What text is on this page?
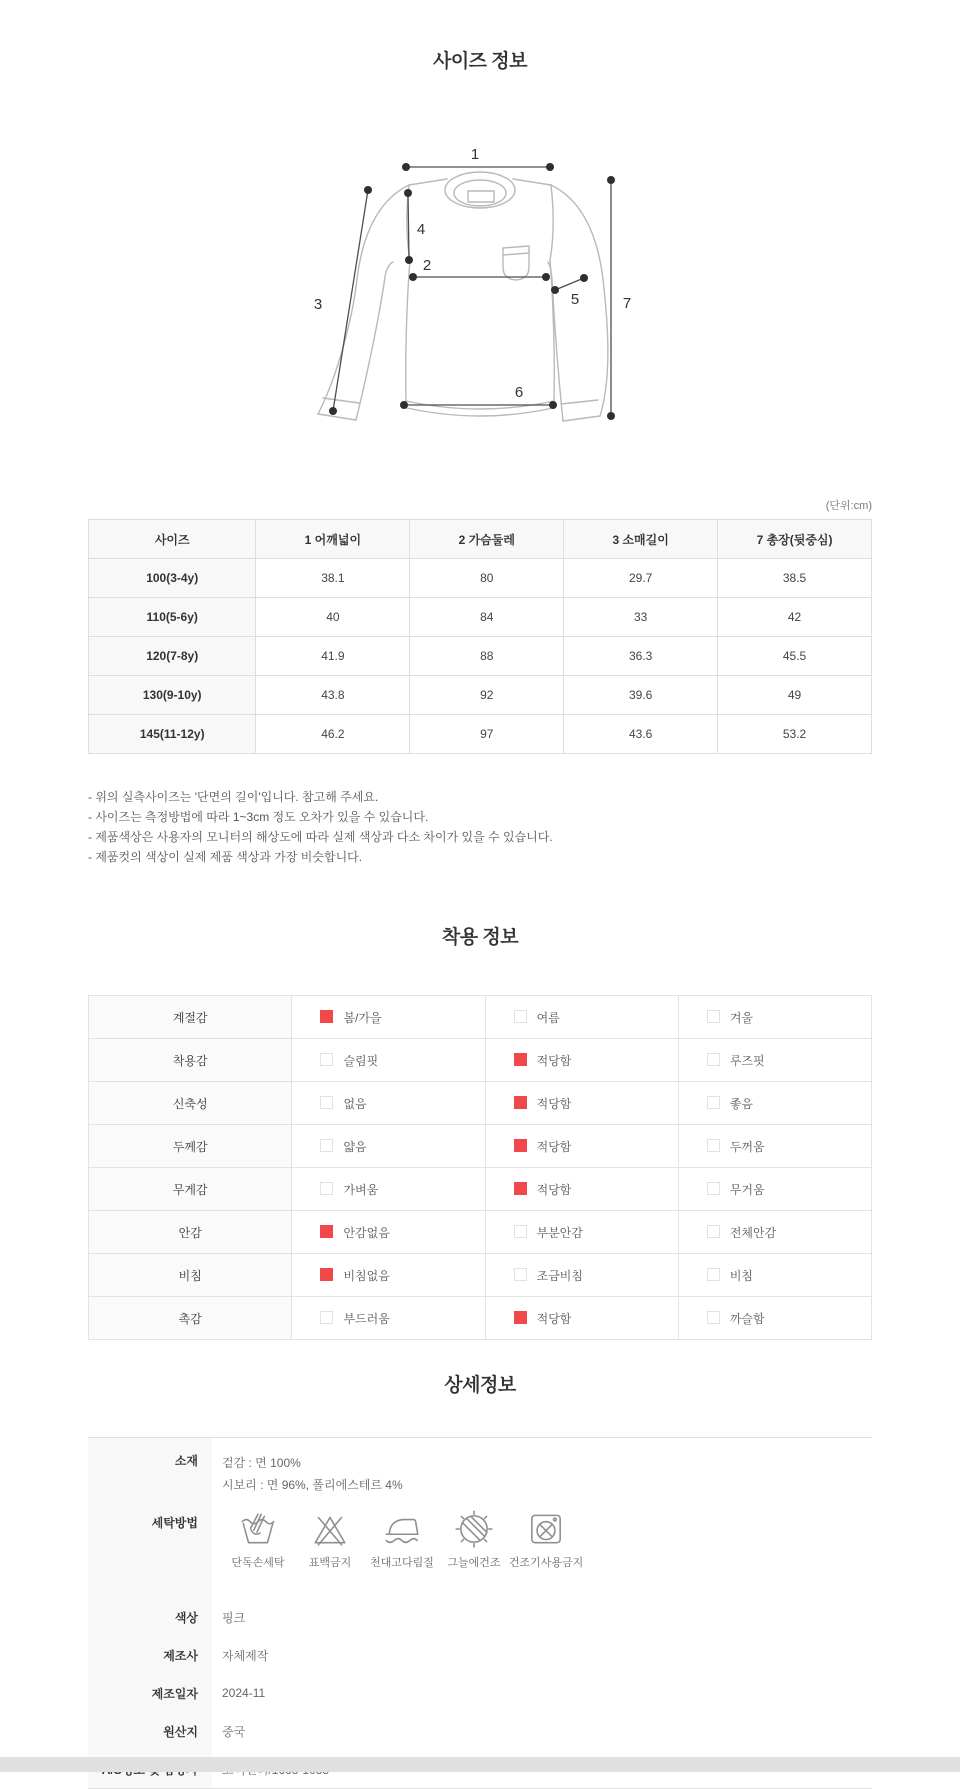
사이즈 정보
1
2
3
4
5
6
7
(단위:cm)
사이즈	1 어깨넓이	2 가슴둘레	3 소매길이	7 총장(뒷중심)
100(3-4y)	38.1	80	29.7	38.5
110(5-6y)	40	84	33	42
120(7-8y)	41.9	88	36.3	45.5
130(9-10y)	43.8	92	39.6	49
145(11-12y)	46.2	97	43.6	53.2
- 위의 실측사이즈는 '단면의 길이'입니다. 참고해 주세요.
- 사이즈는 측정방법에 따라 1~3cm 정도 오차가 있을 수 있습니다.
- 제품색상은 사용자의 모니터의 해상도에 따라 실제 색상과 다소 차이가 있을 수 있습니다.
- 제품컷의 색상이 실제 제품 색상과 가장 비슷합니다.
착용 정보
계절감	봄/가을	여름	겨울
착용감	슬림핏	적당함	루즈핏
신축성	없음	적당함	좋음
두께감	얇음	적당함	두꺼움
무게감	가벼움	적당함	무거움
안감	안감없음	부분안감	전체안감
비침	비침없음	조금비침	비침
촉감	부드러움	적당함	까슬함
상세정보
소재	겉감 : 면 100%
시보리 : 면 96%, 폴리에스테르 4%
세탁방법
단독손세탁 표백금지 천대고다림질 그늘에건조 건조기사용금지
색상	핑크
제조사	자체제작
제조일자	2024-11
원산지	중국
